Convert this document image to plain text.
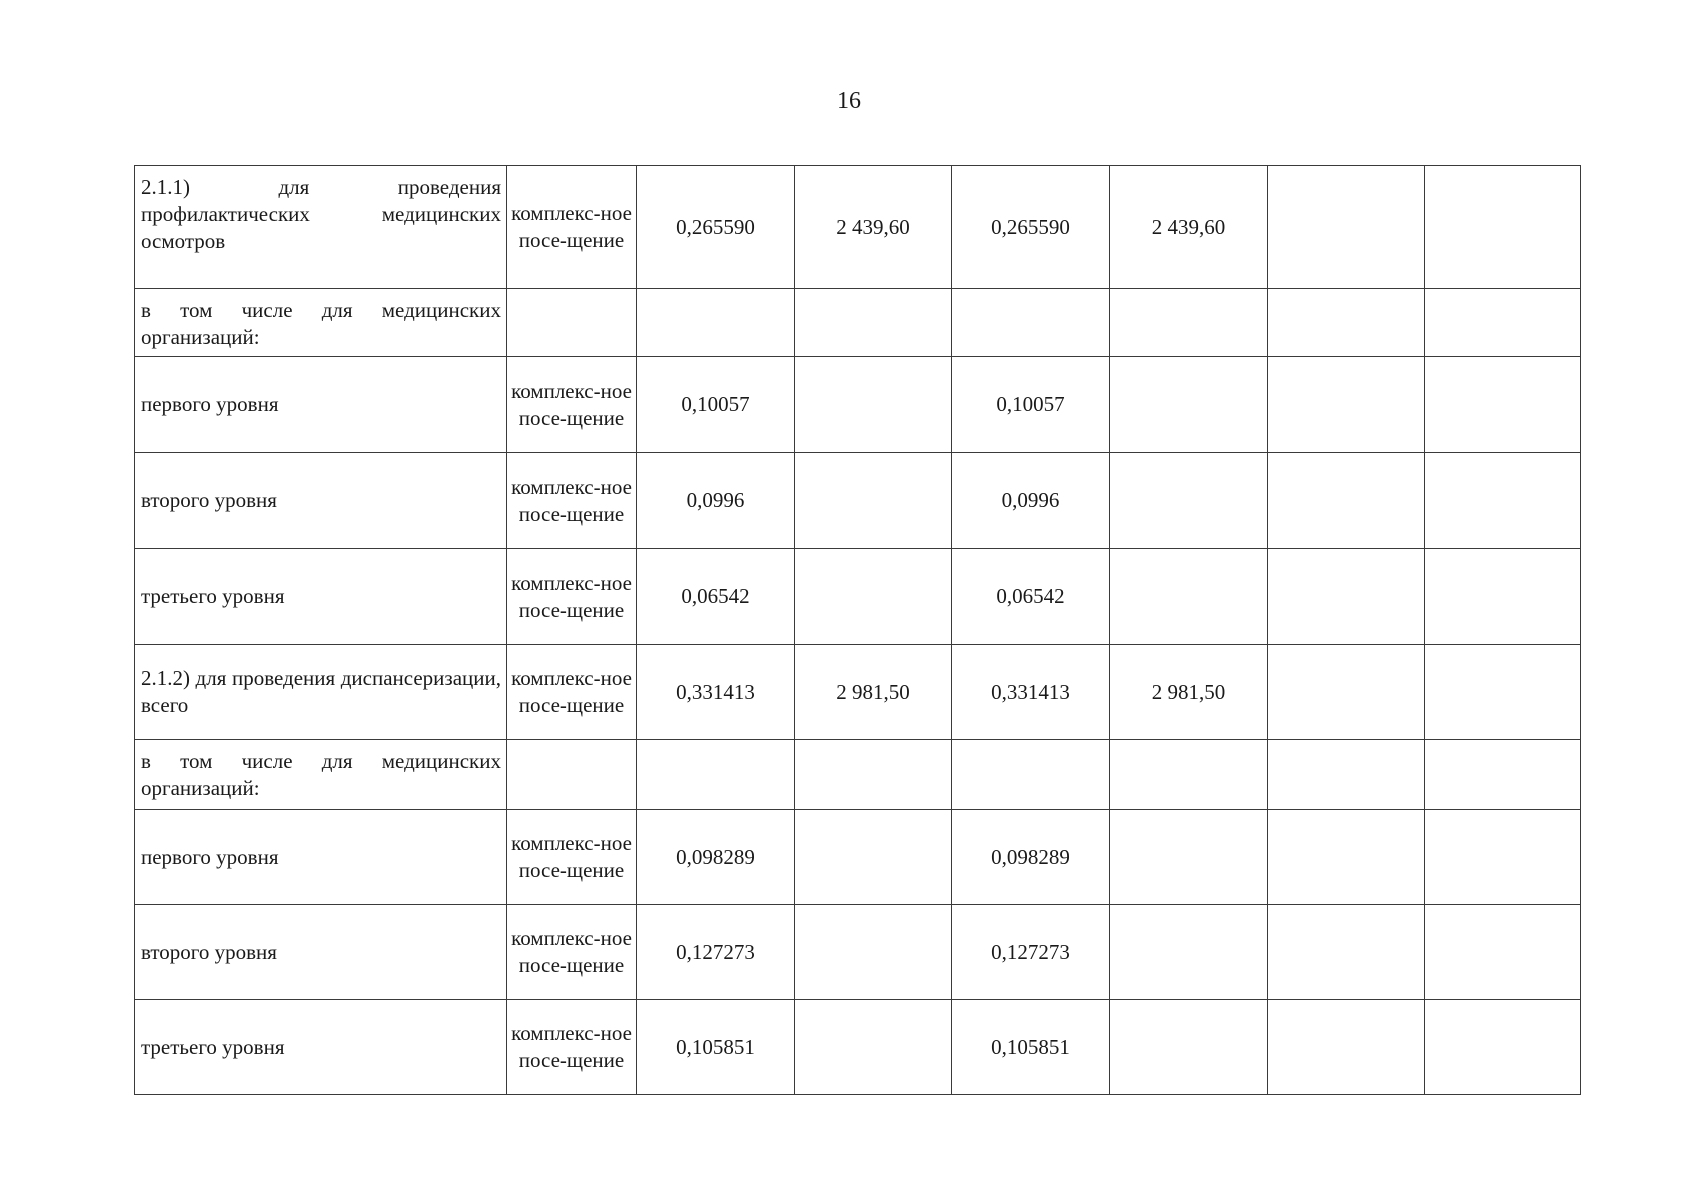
16
2.1.1) для проведения профилактических медицинских осмотров	комплекс-ное посе-щение	0,265590	2 439,60	0,265590	2 439,60		
в том числе для медицинских организаций:							
первого уровня	комплекс-ное посе-щение	0,10057		0,10057			
второго уровня	комплекс-ное посе-щение	0,0996		0,0996			
третьего уровня	комплекс-ное посе-щение	0,06542		0,06542			
2.1.2) для проведения диспансеризации, всего	комплекс-ное посе-щение	0,331413	2 981,50	0,331413	2 981,50		
в том числе для медицинских организаций:							
первого уровня	комплекс-ное посе-щение	0,098289		0,098289			
второго уровня	комплекс-ное посе-щение	0,127273		0,127273			
третьего уровня	комплекс-ное посе-щение	0,105851		0,105851			
